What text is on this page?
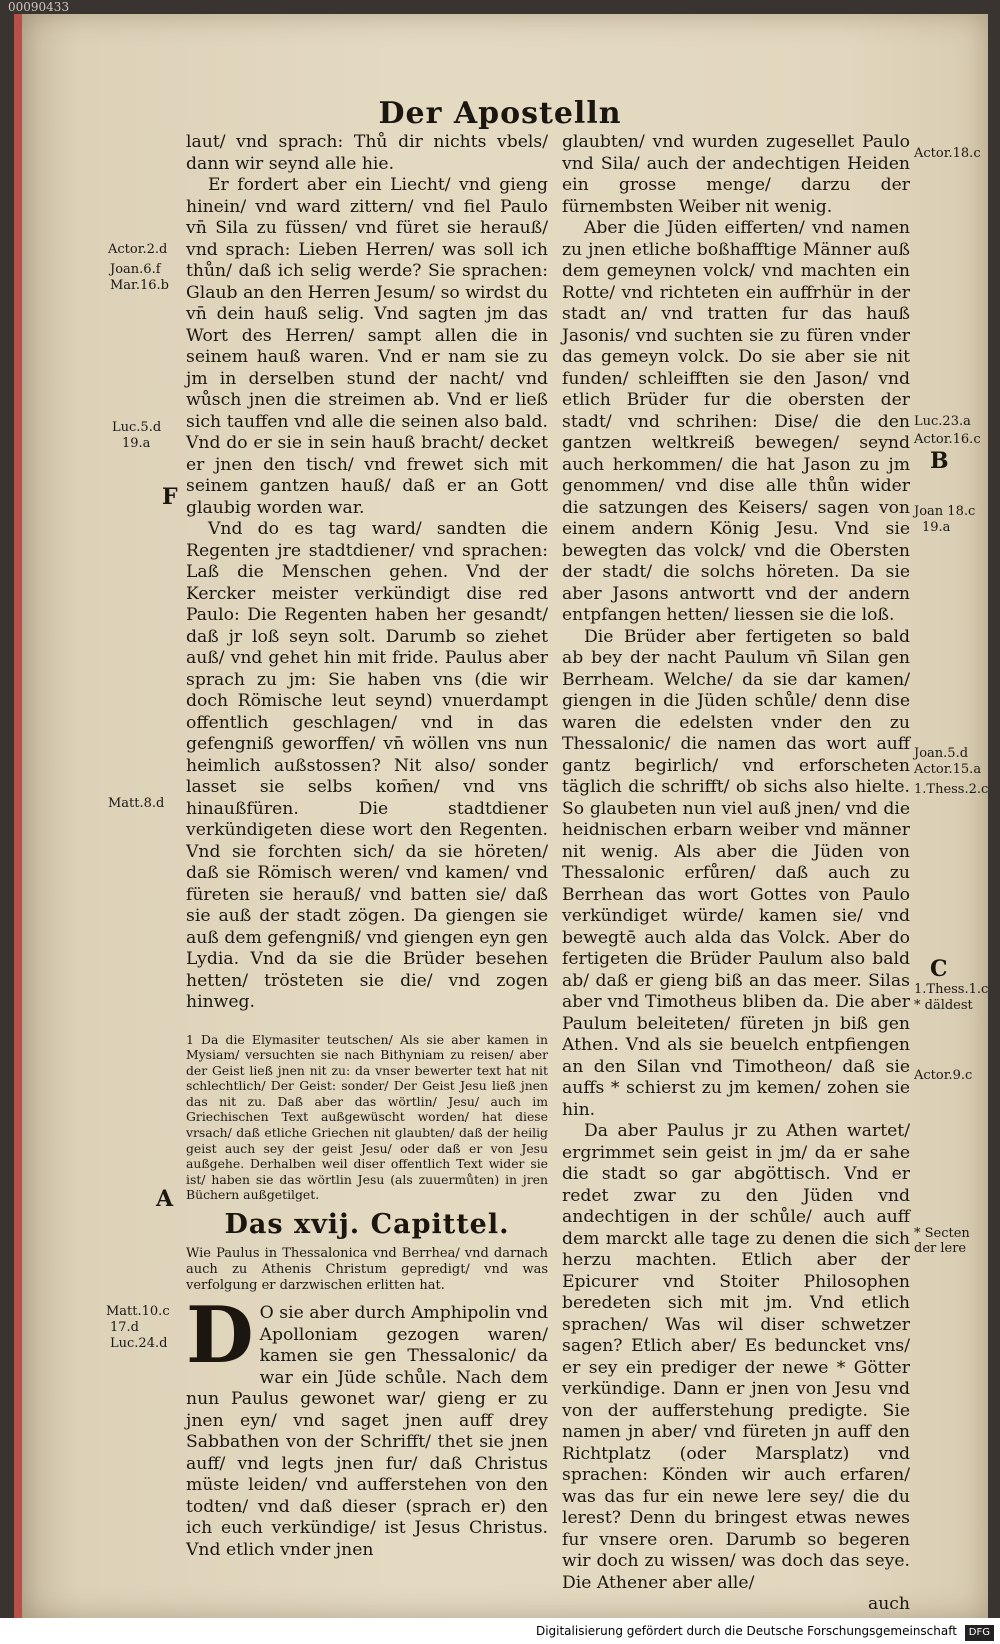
00090433
Der Apostelln

laut/ vnd sprach: Thů dir nichts vbels/ dann wir seynd alle hie.

Er fordert aber ein Liecht/ vnd gieng hinein/ vnd ward zittern/ vnd fiel Paulo vn̄ Sila zu füssen/ vnd füret sie herauß/ vnd sprach: Lieben Herren/ was soll ich thůn/ daß ich selig werde? Sie sprachen: Glaub an den Herren Jesum/ so wirdst du vn̄ dein hauß selig. Vnd sagten jm das Wort des Herren/ sampt allen die in seinem hauß waren. Vnd er nam sie zu jm in derselben stund der nacht/ vnd wůsch jnen die streimen ab. Vnd er ließ sich tauffen vnd alle die seinen also bald. Vnd do er sie in sein hauß bracht/ decket er jnen den tisch/ vnd frewet sich mit seinem gantzen hauß/ daß er an Gott glaubig worden war.

Vnd do es tag ward/ sandten die Regenten jre stadtdiener/ vnd sprachen: Laß die Menschen gehen. Vnd der Kercker meister verkündigt dise red Paulo: Die Regenten haben her gesandt/ daß jr loß seyn solt. Darumb so ziehet auß/ vnd gehet hin mit fride. Paulus aber sprach zu jm: Sie haben vns (die wir doch Römische leut seynd) vnuerdampt offentlich geschlagen/ vnd in das gefengniß geworffen/ vn̄ wöllen vns nun heimlich außstossen? Nit also/ sonder lasset sie selbs kom̄en/ vnd vns hinaußfüren. Die stadtdiener verkündigeten diese wort den Regenten. Vnd sie forchten sich/ da sie höreten/ daß sie Römisch weren/ vnd kamen/ vnd füreten sie herauß/ vnd batten sie/ daß sie auß der stadt zögen. Da giengen sie auß dem gefengniß/ vnd giengen eyn gen Lydia. Vnd da sie die Brüder besehen hetten/ trösteten sie die/ vnd zogen hinweg.

1 Da die Elymasiter teutschen/ Als sie aber kamen in Mysiam/ versuchten sie nach Bithyniam zu reisen/ aber der Geist ließ jnen nit zu: da vnser bewerter text hat nit schlechtlich/ Der Geist: sonder/ Der Geist Jesu ließ jnen das nit zu. Daß aber das wörtlin/ Jesu/ auch im Griechischen Text außgewüscht worden/ hat diese vrsach/ daß etliche Griechen nit glaubten/ daß der heilig geist auch sey der geist Jesu/ oder daß er von Jesu außgehe. Derhalben weil diser offentlich Text wider sie ist/ haben sie das wörtlin Jesu (als zuuermůten) in jren Büchern außgetilget.

Das xvij. Capittel.

Wie Paulus in Thessalonica vnd Berrhea/ vnd darnach auch zu Athenis Christum gepredigt/ vnd was verfolgung er darzwischen erlitten hat.

D O sie aber durch Amphipolin vnd Apolloniam gezogen waren/ kamen sie gen Thessalonic/ da war ein Jüde schůle. Nach dem nun Paulus gewonet war/ gieng er zu jnen eyn/ vnd saget jnen auff drey Sabbathen von der Schrifft/ thet sie jnen auff/ vnd legts jnen fur/ daß Christus müste leiden/ vnd aufferstehen von den todten/ vnd daß dieser (sprach er) den ich euch verkündige/ ist Jesus Christus. Vnd etlich vnder jnen

glaubten/ vnd wurden zugesellet Paulo vnd Sila/ auch der andechtigen Heiden ein grosse menge/ darzu der fürnembsten Weiber nit wenig.

Aber die Jüden eifferten/ vnd namen zu jnen etliche boßhafftige Männer auß dem gemeynen volck/ vnd machten ein Rotte/ vnd richteten ein auffrhür in der stadt an/ vnd tratten fur das hauß Jasonis/ vnd suchten sie zu füren vnder das gemeyn volck. Do sie aber sie nit funden/ schleifften sie den Jason/ vnd etlich Brüder fur die obersten der stadt/ vnd schrihen: Dise/ die den gantzen weltkreiß bewegen/ seynd auch herkommen/ die hat Jason zu jm genommen/ vnd dise alle thůn wider die satzungen des Keisers/ sagen von einem andern König Jesu. Vnd sie bewegten das volck/ vnd die Obersten der stadt/ die solchs höreten. Da sie aber Jasons antwortt vnd der andern entpfangen hetten/ liessen sie die loß.

Die Brüder aber fertigeten so bald ab bey der nacht Paulum vn̄ Silan gen Berrheam. Welche/ da sie dar kamen/ giengen in die Jüden schůle/ denn dise waren die edelsten vnder den zu Thessalonic/ die namen das wort auff gantz begirlich/ vnd erforscheten täglich die schrifft/ ob sichs also hielte. So glaubeten nun viel auß jnen/ vnd die heidnischen erbarn weiber vnd männer nit wenig. Als aber die Jüden von Thessalonic erfůren/ daß auch zu Berrhean das wort Gottes von Paulo verkündiget würde/ kamen sie/ vnd bewegtē auch alda das Volck. Aber do fertigeten die Brüder Paulum also bald ab/ daß er gieng biß an das meer. Silas aber vnd Timotheus bliben da. Die aber Paulum beleiteten/ füreten jn biß gen Athen. Vnd als sie beuelch entpfiengen an den Silan vnd Timotheon/ daß sie auffs * schierst zu jm kemen/ zohen sie hin.

Da aber Paulus jr zu Athen wartet/ ergrimmet sein geist in jm/ da er sahe die stadt so gar abgöttisch. Vnd er redet zwar zu den Jüden vnd andechtigen in der schůle/ auch auff dem marckt alle tage zu denen die sich herzu machten. Etlich aber der Epicurer vnd Stoiter Philosophen beredeten sich mit jm. Vnd etlich sprachen/ Was wil diser schwetzer sagen? Etlich aber/ Es beduncket vns/ er sey ein prediger der newe * Götter verkündige. Dann er jnen von Jesu vnd von der aufferstehung predigte. Sie namen jn aber/ vnd füreten jn auff den Richtplatz (oder Marsplatz) vnd sprachen: Könden wir auch erfaren/ was das fur ein newe lere sey/ die du lerest? Denn du bringest etwas newes fur vnsere oren. Darumb so begeren wir doch zu wissen/ was doch das seye. Die Athener aber alle/

auch

Actor.2.d
Joan.6.f
Mar.16.b
Luc.5.d
19.a
Matt.8.d
Matt.10.c
17.d
Luc.24.d
F
A
Actor.18.c
Luc.23.a
Actor.16.c
Joan 18.c
19.a
Joan.5.d
Actor.15.a
1.Thess.2.c
1.Thess.1.c
* däldest
Actor.9.c
* Secten der lere
B
C
Digitalisierung gefördert durch die Deutsche Forschungsgemeinschaft DFG
